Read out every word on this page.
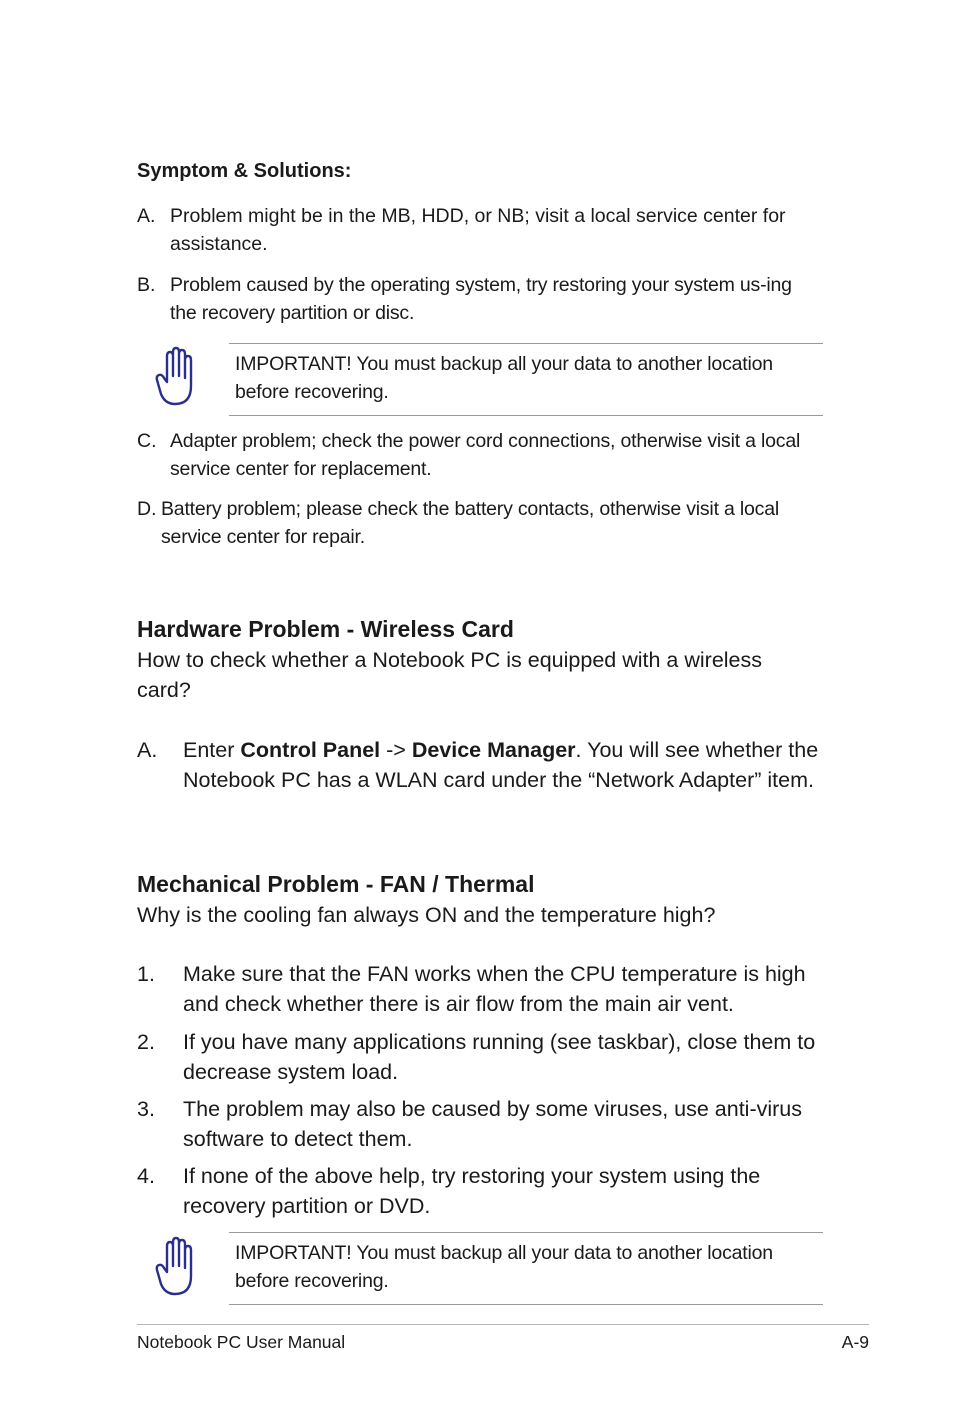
Symptom & Solutions:
A. Problem might be in the MB, HDD, or NB; visit a local service center for assistance.
B. Problem caused by the operating system, try restoring your system us-ing the recovery partition or disc.
IMPORTANT! You must backup all your data to another location before recovering.
C. Adapter problem; check the power cord connections, otherwise visit a local service center for replacement.
D. Battery problem; please check the battery contacts, otherwise visit a local service center for repair.
Hardware Problem - Wireless Card
How to check whether a Notebook PC is equipped with a wireless card?
A. Enter Control Panel -> Device Manager. You will see whether the Notebook PC has a WLAN card under the “Network Adapter” item.
Mechanical Problem - FAN / Thermal
Why is the cooling fan always ON and the temperature high?
1. Make sure that the FAN works when the CPU temperature is high and check whether there is air flow from the main air vent.
2. If you have many applications running (see taskbar), close them to decrease system load.
3. The problem may also be caused by some viruses, use anti-virus software to detect them.
4. If none of the above help, try restoring your system using the recovery partition or DVD.
IMPORTANT! You must backup all your data to another location before recovering.
Notebook PC User Manual	A-9
